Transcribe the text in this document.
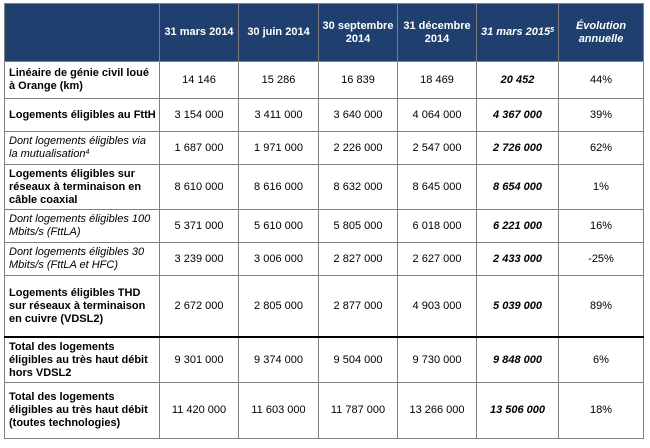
	31 mars 2014	30 juin 2014	30 septembre 2014	31 décembre 2014	31 mars 2015$^5$	Évolution annuelle
Linéaire de génie civil loué à Orange (km)	14 146	15 286	16 839	18 469	20 452	44%
Logements éligibles au FttH	3 154 000	3 411 000	3 640 000	4 064 000	4 367 000	39%
Dont logements éligibles via la mutualisation$^4$	1 687 000	1 971 000	2 226 000	2 547 000	2 726 000	62%
Logements éligibles sur réseaux à terminaison en câble coaxial	8 610 000	8 616 000	8 632 000	8 645 000	8 654 000	1%
Dont logements éligibles 100 Mbits/s (FttLA)	5 371 000	5 610 000	5 805 000	6 018 000	6 221 000	16%
Dont logements éligibles 30 Mbits/s (FttLA et HFC)	3 239 000	3 006 000	2 827 000	2 627 000	2 433 000	-25%
Logements éligibles THD sur réseaux à terminaison en cuivre (VDSL2)	2 672 000	2 805 000	2 877 000	4 903 000	5 039 000	89%
Total des logements éligibles au très haut débit hors VDSL2	9 301 000	9 374 000	9 504 000	9 730 000	9 848 000	6%
Total des logements éligibles au très haut débit (toutes technologies)	11 420 000	11 603 000	11 787 000	13 266 000	13 506 000	18%
